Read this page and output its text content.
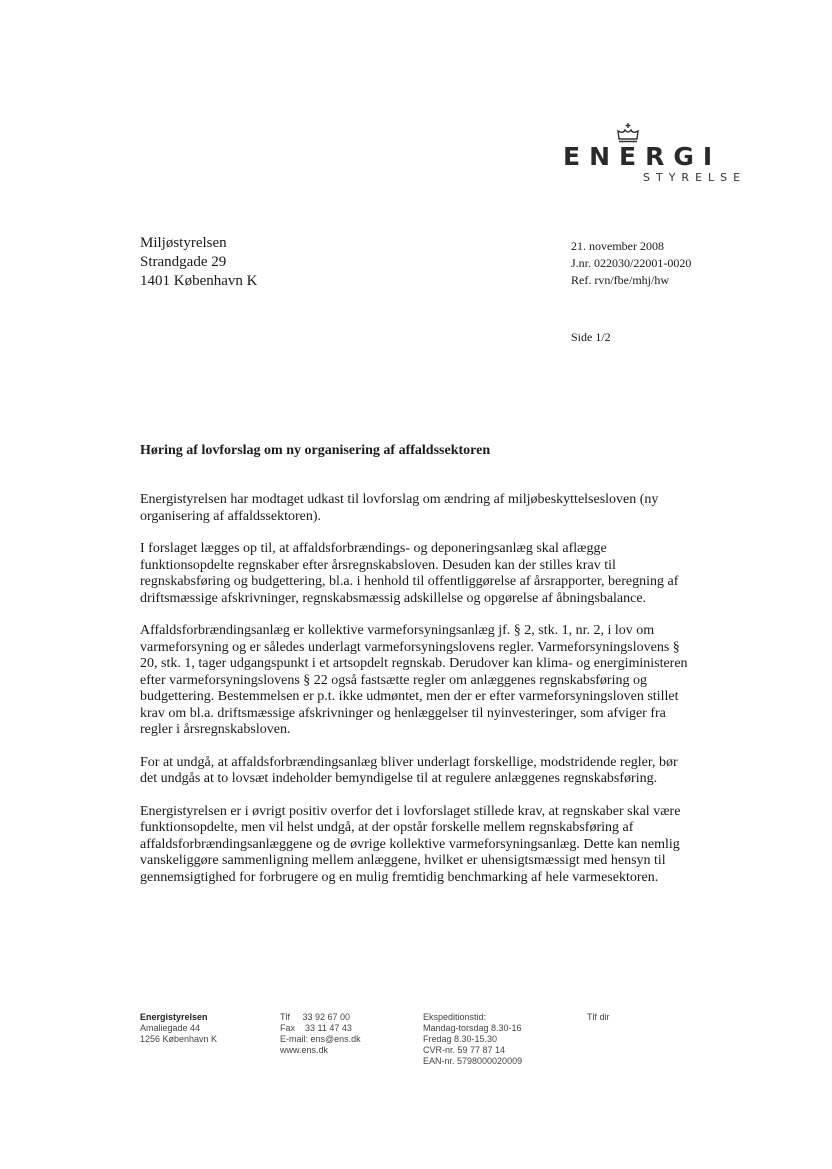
ENERGI
STYRELSE
Miljøstyrelsen
Strandgade 29
1401 København K
21. november 2008
J.nr. 022030/22001-0020
Ref. rvn/fbe/mhj/hw
Side 1/2
Høring af lovforslag om ny organisering af affaldssektoren

Energistyrelsen har modtaget udkast til lovforslag om ændring af miljøbeskyttelsesloven (ny organisering af affaldssektoren).

I forslaget lægges op til, at affaldsforbrændings- og deponeringsanlæg skal aflægge funktionsopdelte regnskaber efter årsregnskabsloven. Desuden kan der stilles krav til regnskabsføring og budgettering, bl.a. i henhold til offentliggørelse af årsrapporter, beregning af driftsmæssige afskrivninger, regnskabsmæssig adskillelse og opgørelse af åbningsbalance.

Affaldsforbrændingsanlæg er kollektive varmeforsyningsanlæg jf. § 2, stk. 1, nr. 2, i lov om varmeforsyning og er således underlagt varmeforsyningslovens regler. Varmeforsyningslovens § 20, stk. 1, tager udgangspunkt i et artsopdelt regnskab. Derudover kan klima- og energiministeren efter varmeforsyningslovens § 22 også fastsætte regler om anlæggenes regnskabsføring og budgettering. Bestemmelsen er p.t. ikke udmøntet, men der er efter varmeforsyningsloven stillet krav om bl.a. driftsmæssige afskrivninger og henlæggelser til nyinvesteringer, som afviger fra regler i årsregnskabsloven.

For at undgå, at affaldsforbrændingsanlæg bliver underlagt forskellige, modstridende regler, bør det undgås at to lovsæt indeholder bemyndigelse til at regulere anlæggenes regnskabsføring.

Energistyrelsen er i øvrigt positiv overfor det i lovforslaget stillede krav, at regnskaber skal være funktionsopdelte, men vil helst undgå, at der opstår forskelle mellem regnskabsføring af affaldsforbrændingsanlæggene og de øvrige kollektive varmeforsyningsanlæg. Dette kan nemlig vanskeliggøre sammenligning mellem anlæggene, hvilket er uhensigtsmæssigt med hensyn til gennemsigtighed for forbrugere og en mulig fremtidig benchmarking af hele varmesektoren.

Energistyrelsen
Amaliegade 44
1256 København K
Tlf     33 92 67 00
Fax    33 11 47 43
E-mail: ens@ens.dk
www.ens.dk
Ekspeditionstid:
Mandag-torsdag 8.30-16
Fredag 8.30-15.30
CVR-nr. 59 77 87 14
EAN-nr. 5798000020009
Tlf dir
